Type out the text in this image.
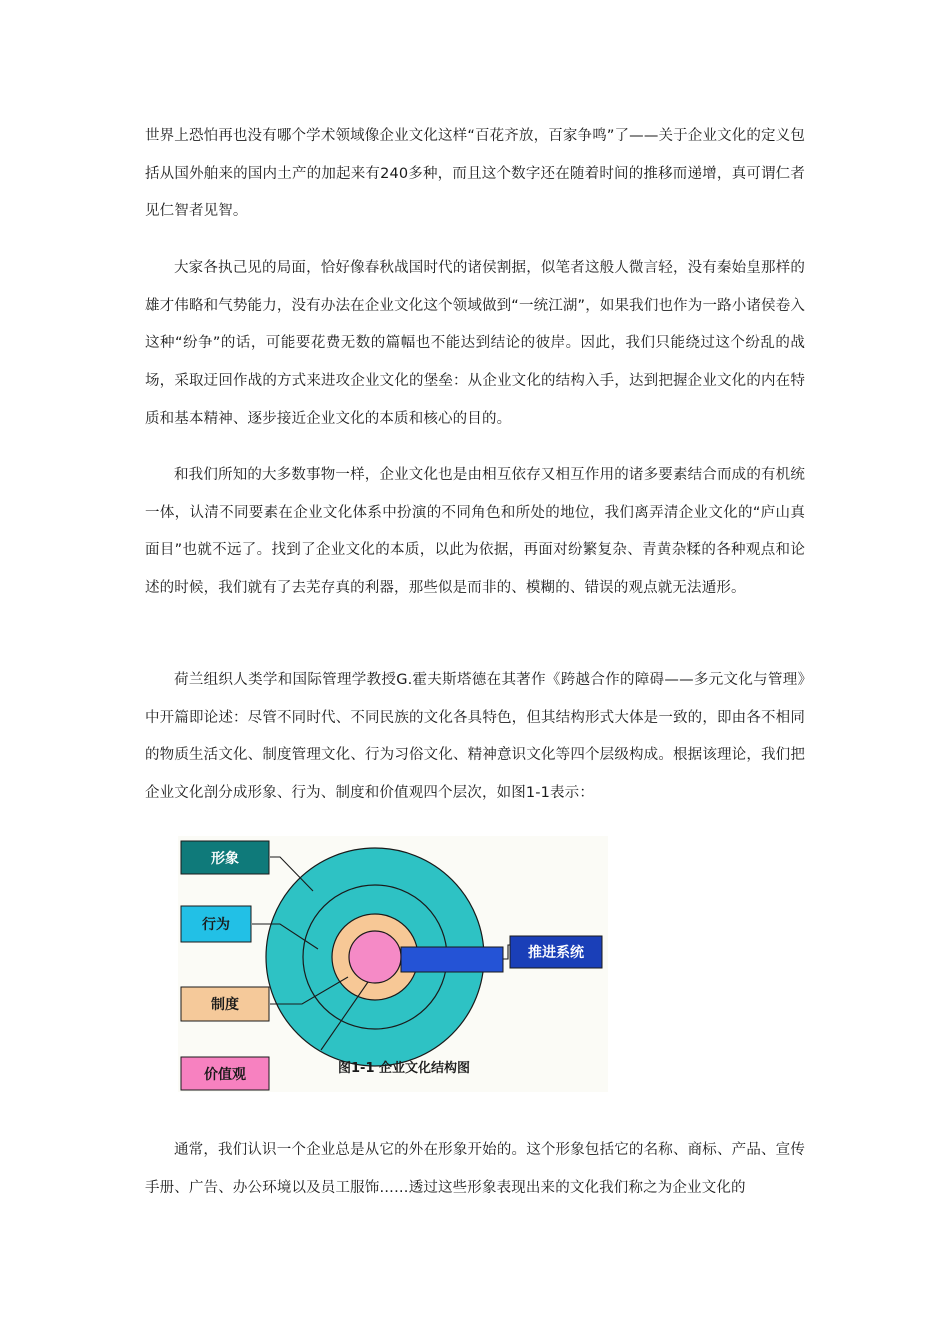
世界上恐怕再也没有哪个学术领域像企业文化这样“百花齐放，百家争鸣”了——关于企业文化的定义包括从国外舶来的国内土产的加起来有240多种，而且这个数字还在随着时间的推移而递增，真可谓仁者见仁智者见智。

大家各执己见的局面，恰好像春秋战国时代的诸侯割据，似笔者这般人微言轻，没有秦始皇那样的雄才伟略和气势能力，没有办法在企业文化这个领域做到“一统江湖”，如果我们也作为一路小诸侯卷入这种“纷争”的话，可能要花费无数的篇幅也不能达到结论的彼岸。因此，我们只能绕过这个纷乱的战场，采取迂回作战的方式来进攻企业文化的堡垒：从企业文化的结构入手，达到把握企业文化的内在特质和基本精神、逐步接近企业文化的本质和核心的目的。

和我们所知的大多数事物一样，企业文化也是由相互依存又相互作用的诸多要素结合而成的有机统一体，认清不同要素在企业文化体系中扮演的不同角色和所处的地位，我们离弄清企业文化的“庐山真面目”也就不远了。找到了企业文化的本质，以此为依据，再面对纷繁复杂、青黄杂糅的各种观点和论述的时候，我们就有了去芜存真的利器，那些似是而非的、模糊的、错误的观点就无法遁形。

荷兰组织人类学和国际管理学教授G.霍夫斯塔德在其著作《跨越合作的障碍——多元文化与管理》中开篇即论述：尽管不同时代、不同民族的文化各具特色，但其结构形式大体是一致的，即由各不相同的物质生活文化、制度管理文化、行为习俗文化、精神意识文化等四个层级构成。根据该理论，我们把企业文化剖分成形象、行为、制度和价值观四个层次，如图1-1表示：

形象
行为
制度
价值观
推进系统
图1-1 企业文化结构图

通常，我们认识一个企业总是从它的外在形象开始的。这个形象包括它的名称、商标、产品、宣传手册、广告、办公环境以及员工服饰……透过这些形象表现出来的文化我们称之为企业文化的
